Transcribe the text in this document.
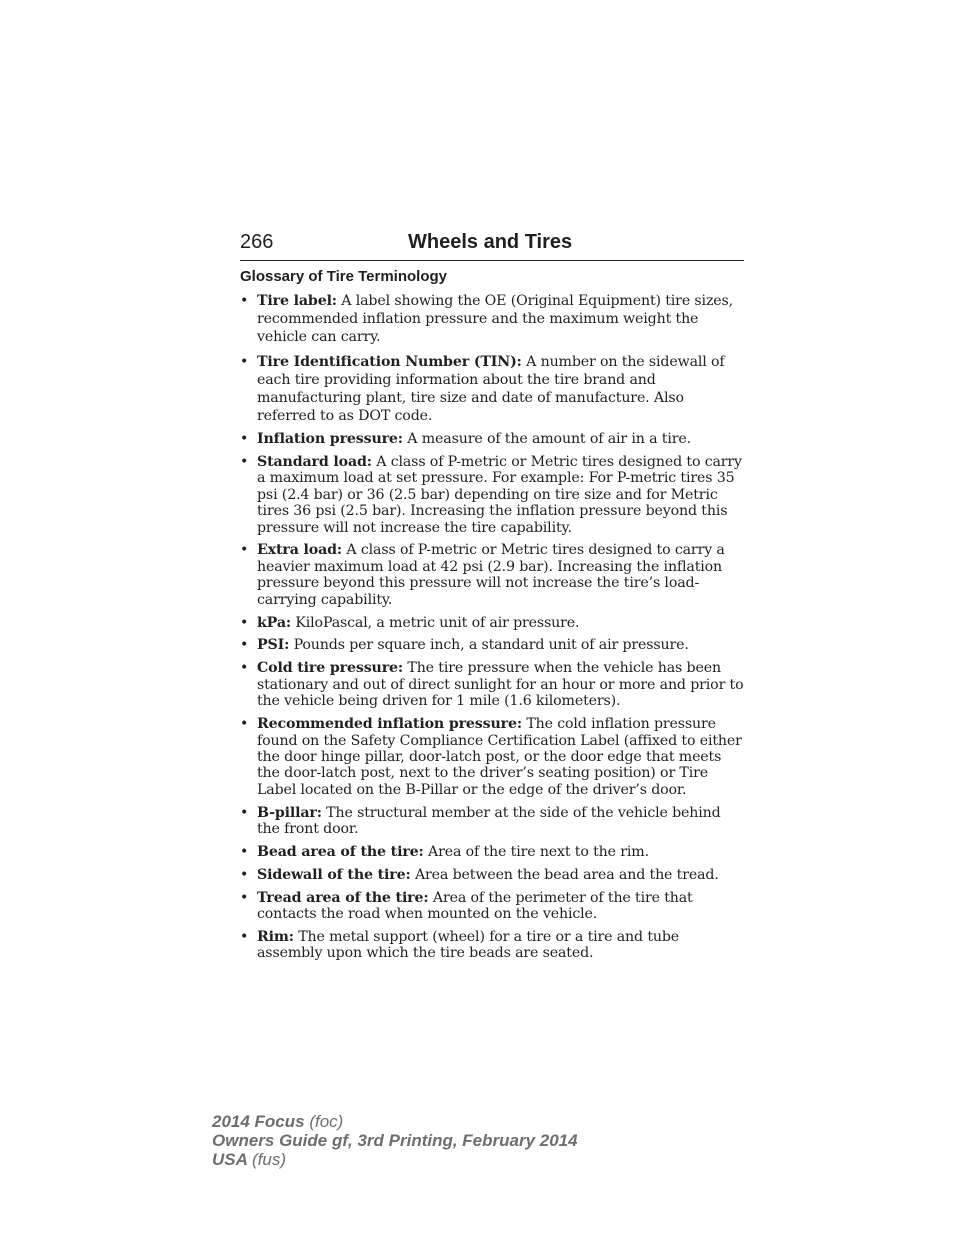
266	Wheels and Tires
Glossary of Tire Terminology
• Tire label: A label showing the OE (Original Equipment) tire sizes, recommended inflation pressure and the maximum weight the vehicle can carry.
• Tire Identification Number (TIN): A number on the sidewall of each tire providing information about the tire brand and manufacturing plant, tire size and date of manufacture. Also referred to as DOT code.
• Inflation pressure: A measure of the amount of air in a tire.
• Standard load: A class of P-metric or Metric tires designed to carry a maximum load at set pressure. For example: For P-metric tires 35 psi (2.4 bar) or 36 (2.5 bar) depending on tire size and for Metric tires 36 psi (2.5 bar). Increasing the inflation pressure beyond this pressure will not increase the tire capability.
• Extra load: A class of P-metric or Metric tires designed to carry a heavier maximum load at 42 psi (2.9 bar). Increasing the inflation pressure beyond this pressure will not increase the tire’s load-carrying capability.
• kPa: KiloPascal, a metric unit of air pressure.
• PSI: Pounds per square inch, a standard unit of air pressure.
• Cold tire pressure: The tire pressure when the vehicle has been stationary and out of direct sunlight for an hour or more and prior to the vehicle being driven for 1 mile (1.6 kilometers).
• Recommended inflation pressure: The cold inflation pressure found on the Safety Compliance Certification Label (affixed to either the door hinge pillar, door-latch post, or the door edge that meets the door-latch post, next to the driver’s seating position) or Tire Label located on the B-Pillar or the edge of the driver’s door.
• B-pillar: The structural member at the side of the vehicle behind the front door.
• Bead area of the tire: Area of the tire next to the rim.
• Sidewall of the tire: Area between the bead area and the tread.
• Tread area of the tire: Area of the perimeter of the tire that contacts the road when mounted on the vehicle.
• Rim: The metal support (wheel) for a tire or a tire and tube assembly upon which the tire beads are seated.
2014 Focus (foc)
Owners Guide gf, 3rd Printing, February 2014
USA (fus)
